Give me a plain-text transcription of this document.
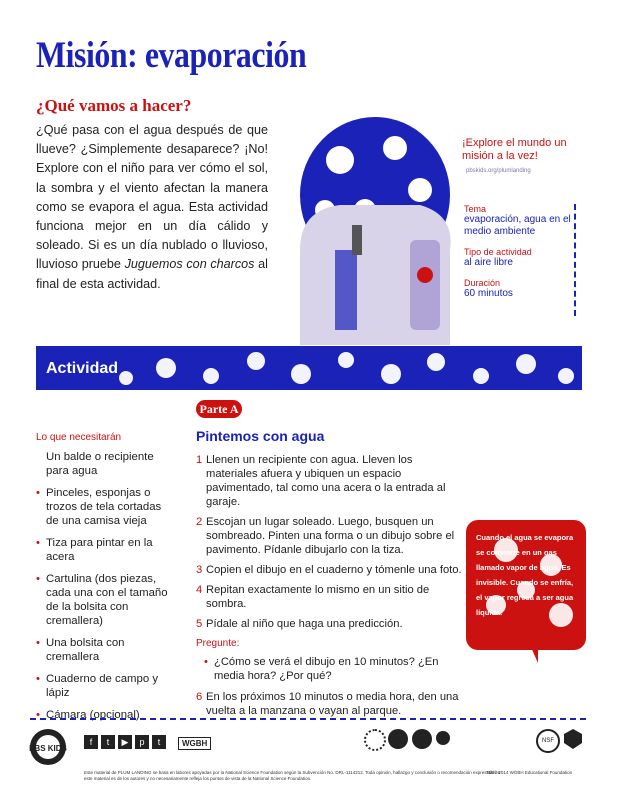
Misión: evaporación
¿Qué vamos a hacer?
¿Qué pasa con el agua después de que llueve? ¿Simplemente desaparece? ¡No! Explore con el niño para ver cómo el sol, la sombra y el viento afectan la manera como se evapora el agua. Esta actividad funciona mejor en un día cálido y soleado. Si es un día nublado o lluvioso, lluvioso pruebe Juguemos con charcos al final de esta actividad.
¡Explore el mundo un misión a la vez!
pbskids.org/plumlanding
Tema
evaporación, agua en el medio ambiente
Tipo de actividad
al aire libre
Duración
60 minutos
Actividad
Parte A
Lo que necesitarán
Un balde o recipiente para agua
• Pinceles, esponjas o trozos de tela cortadas de una camisa vieja
• Tiza para pintar en la acera
• Cartulina (dos piezas, cada una con el tamaño de la bolsita con cremallera)
• Una bolsita con cremallera
• Cuaderno de campo y lápiz
• Cámara (opcional)
Pintemos con agua
1 Llenen un recipiente con agua. Lleven los materiales afuera y ubiquen un espacio pavimentado, tal como una acera o la entrada al garaje.
2 Escojan un lugar soleado. Luego, busquen un sombreado. Pinten una forma o un dibujo sobre el pavimento. Pídanle dibujarlo con la tiza.
3 Copien el dibujo en el cuaderno y tómenle una foto.
4 Repitan exactamente lo mismo en un sitio de sombra.
5 Pídale al niño que haga una predicción.
Pregunte:
• ¿Cómo se verá el dibujo en 10 minutos? ¿En media hora? ¿Por qué?
6 En los próximos 10 minutos o media hora, den una vuelta a la manzana o vayan al parque.
Cuando el agua se evapora se convierte en un gas llamado vapor de agua. Es invisible. Cuando se enfría, el vapor regresa a ser agua líquida.
PBS KIDS
f	t	▶	p	t	WGBH	NSF
Este material de PLUM LANDING se basa en labores apoyadas por la National Science Foundation según la Subvención No. DRL-1114212. Toda opinión, hallazgo y conclusión o recomendación expresada en este material es de los autores y no necesariamente refleja los puntos de vista de la National Science Foundation.
TM/© 2014 WGBH Educational Foundation
